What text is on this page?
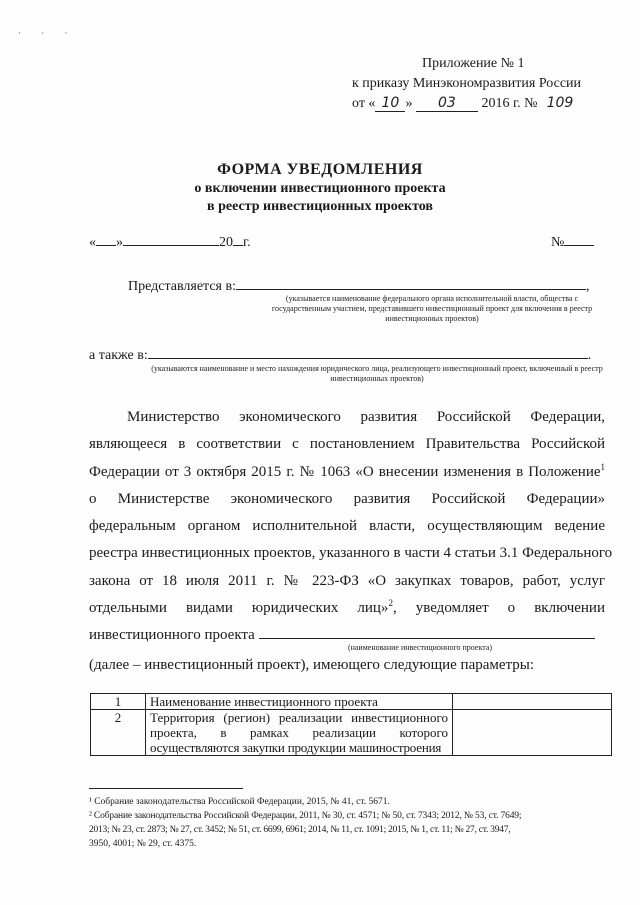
· · ·
Приложение № 1
к приказу Минэкономразвития России
от « 10 » 03 2016 г. № 109
ФОРМА УВЕДОМЛЕНИЯ
о включении инвестиционного проекта
в реестр инвестиционных проектов
« »	20 г.	№
Представляется в:	,
(указывается наименование федерального органа исполнительной власти, общества с государственным участием, представившего инвестиционный проект для включения в реестр инвестиционных проектов)
а также в:	.
(указываются наименование и место нахождения юридического лица, реализующего инвестиционный проект, включенный в реестр инвестиционных проектов)
Министерство экономического развития Российской Федерации,
являющееся в соответствии с постановлением Правительства Российской
Федерации от 3 октября 2015 г. № 1063 «О внесении изменения в Положение$^1$
о Министерстве экономического развития Российской Федерации»
федеральным органом исполнительной власти, осуществляющим ведение
реестра инвестиционных проектов, указанного в части 4 статьи 3.1 Федерального
закона от 18 июля 2011 г. № 223-ФЗ «О закупках товаров, работ, услуг
отдельными видами юридических лиц»$^2$, уведомляет о включении
инвестиционного проекта
(наименование инвестиционного проекта)
(далее – инвестиционный проект), имеющего следующие параметры:
1	Наименование инвестиционного проекта	
2	Территория (регион) реализации инвестиционного
проекта, в рамках реализации которого
осуществляются закупки продукции машиностроения	

¹ Собрание законодательства Российской Федерации, 2015, № 41, ст. 5671.
² Собрание законодательства Российской Федерации, 2011, № 30, ст. 4571; № 50, ст. 7343; 2012, № 53, ст. 7649;
2013; № 23, ст. 2873; № 27, ст. 3452; № 51, ст. 6699, 6961; 2014, № 11, ст. 1091; 2015, № 1, ст. 11; № 27, ст. 3947,
3950, 4001; № 29, ст. 4375.
